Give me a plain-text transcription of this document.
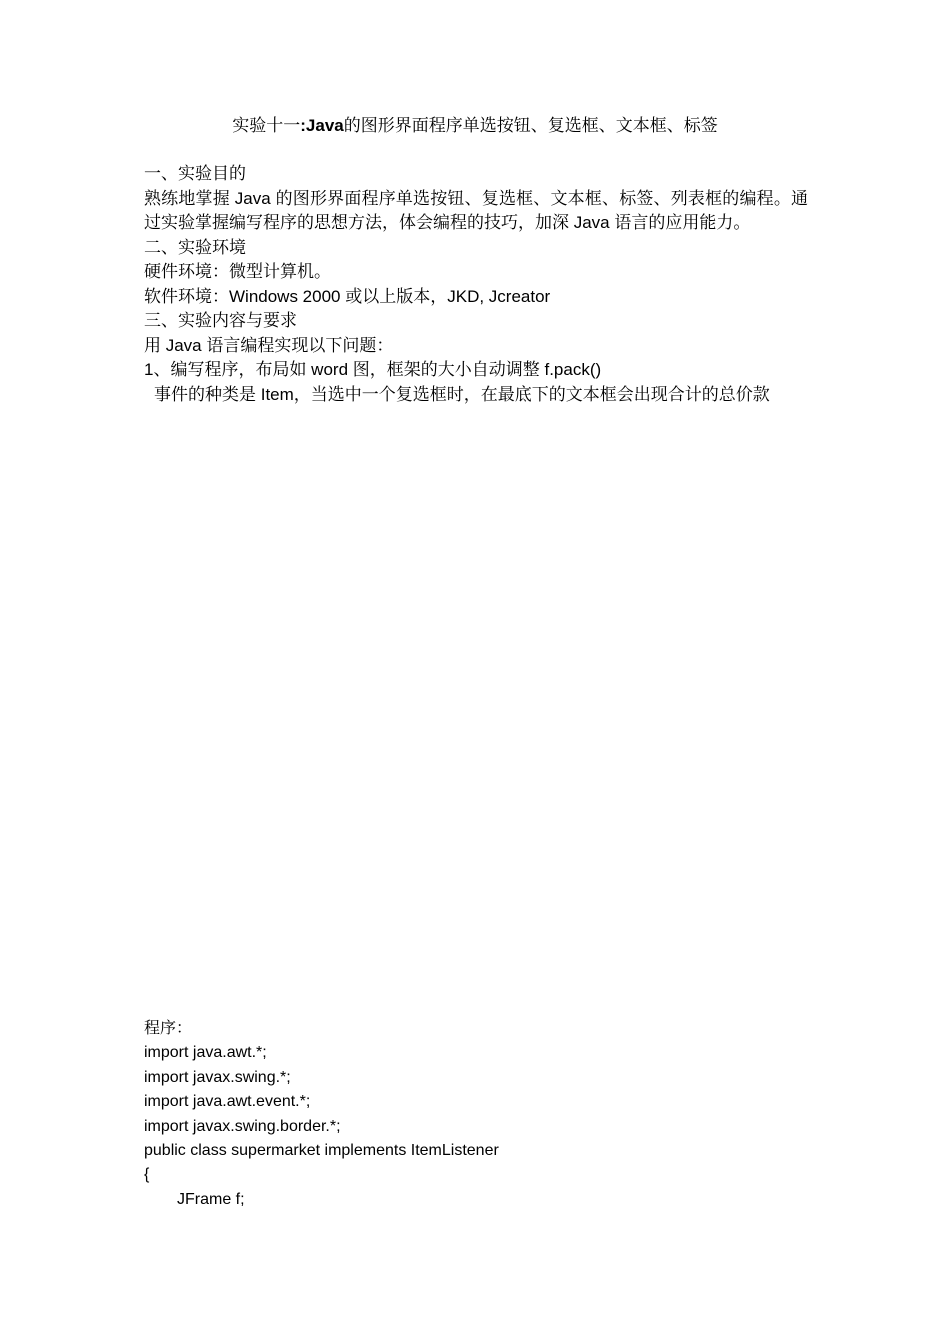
实验十一:Java的图形界面程序单选按钮、复选框、文本框、标签
一、实验目的
熟练地掌握 Java 的图形界面程序单选按钮、复选框、文本框、标签、列表框的编程。通过实验掌握编写程序的思想方法，体会编程的技巧，加深 Java 语言的应用能力。
二、实验环境
硬件环境：微型计算机。
软件环境：Windows 2000 或以上版本，JKD, Jcreator
三、实验内容与要求
用 Java 语言编程实现以下问题：
1、编写程序，布局如 word 图，框架的大小自动调整 f.pack()
事件的种类是 Item，当选中一个复选框时，在最底下的文本框会出现合计的总价款
程序：
import java.awt.*;
import javax.swing.*;
import java.awt.event.*;
import javax.swing.border.*;
public class supermarket implements ItemListener
{
JFrame f;
